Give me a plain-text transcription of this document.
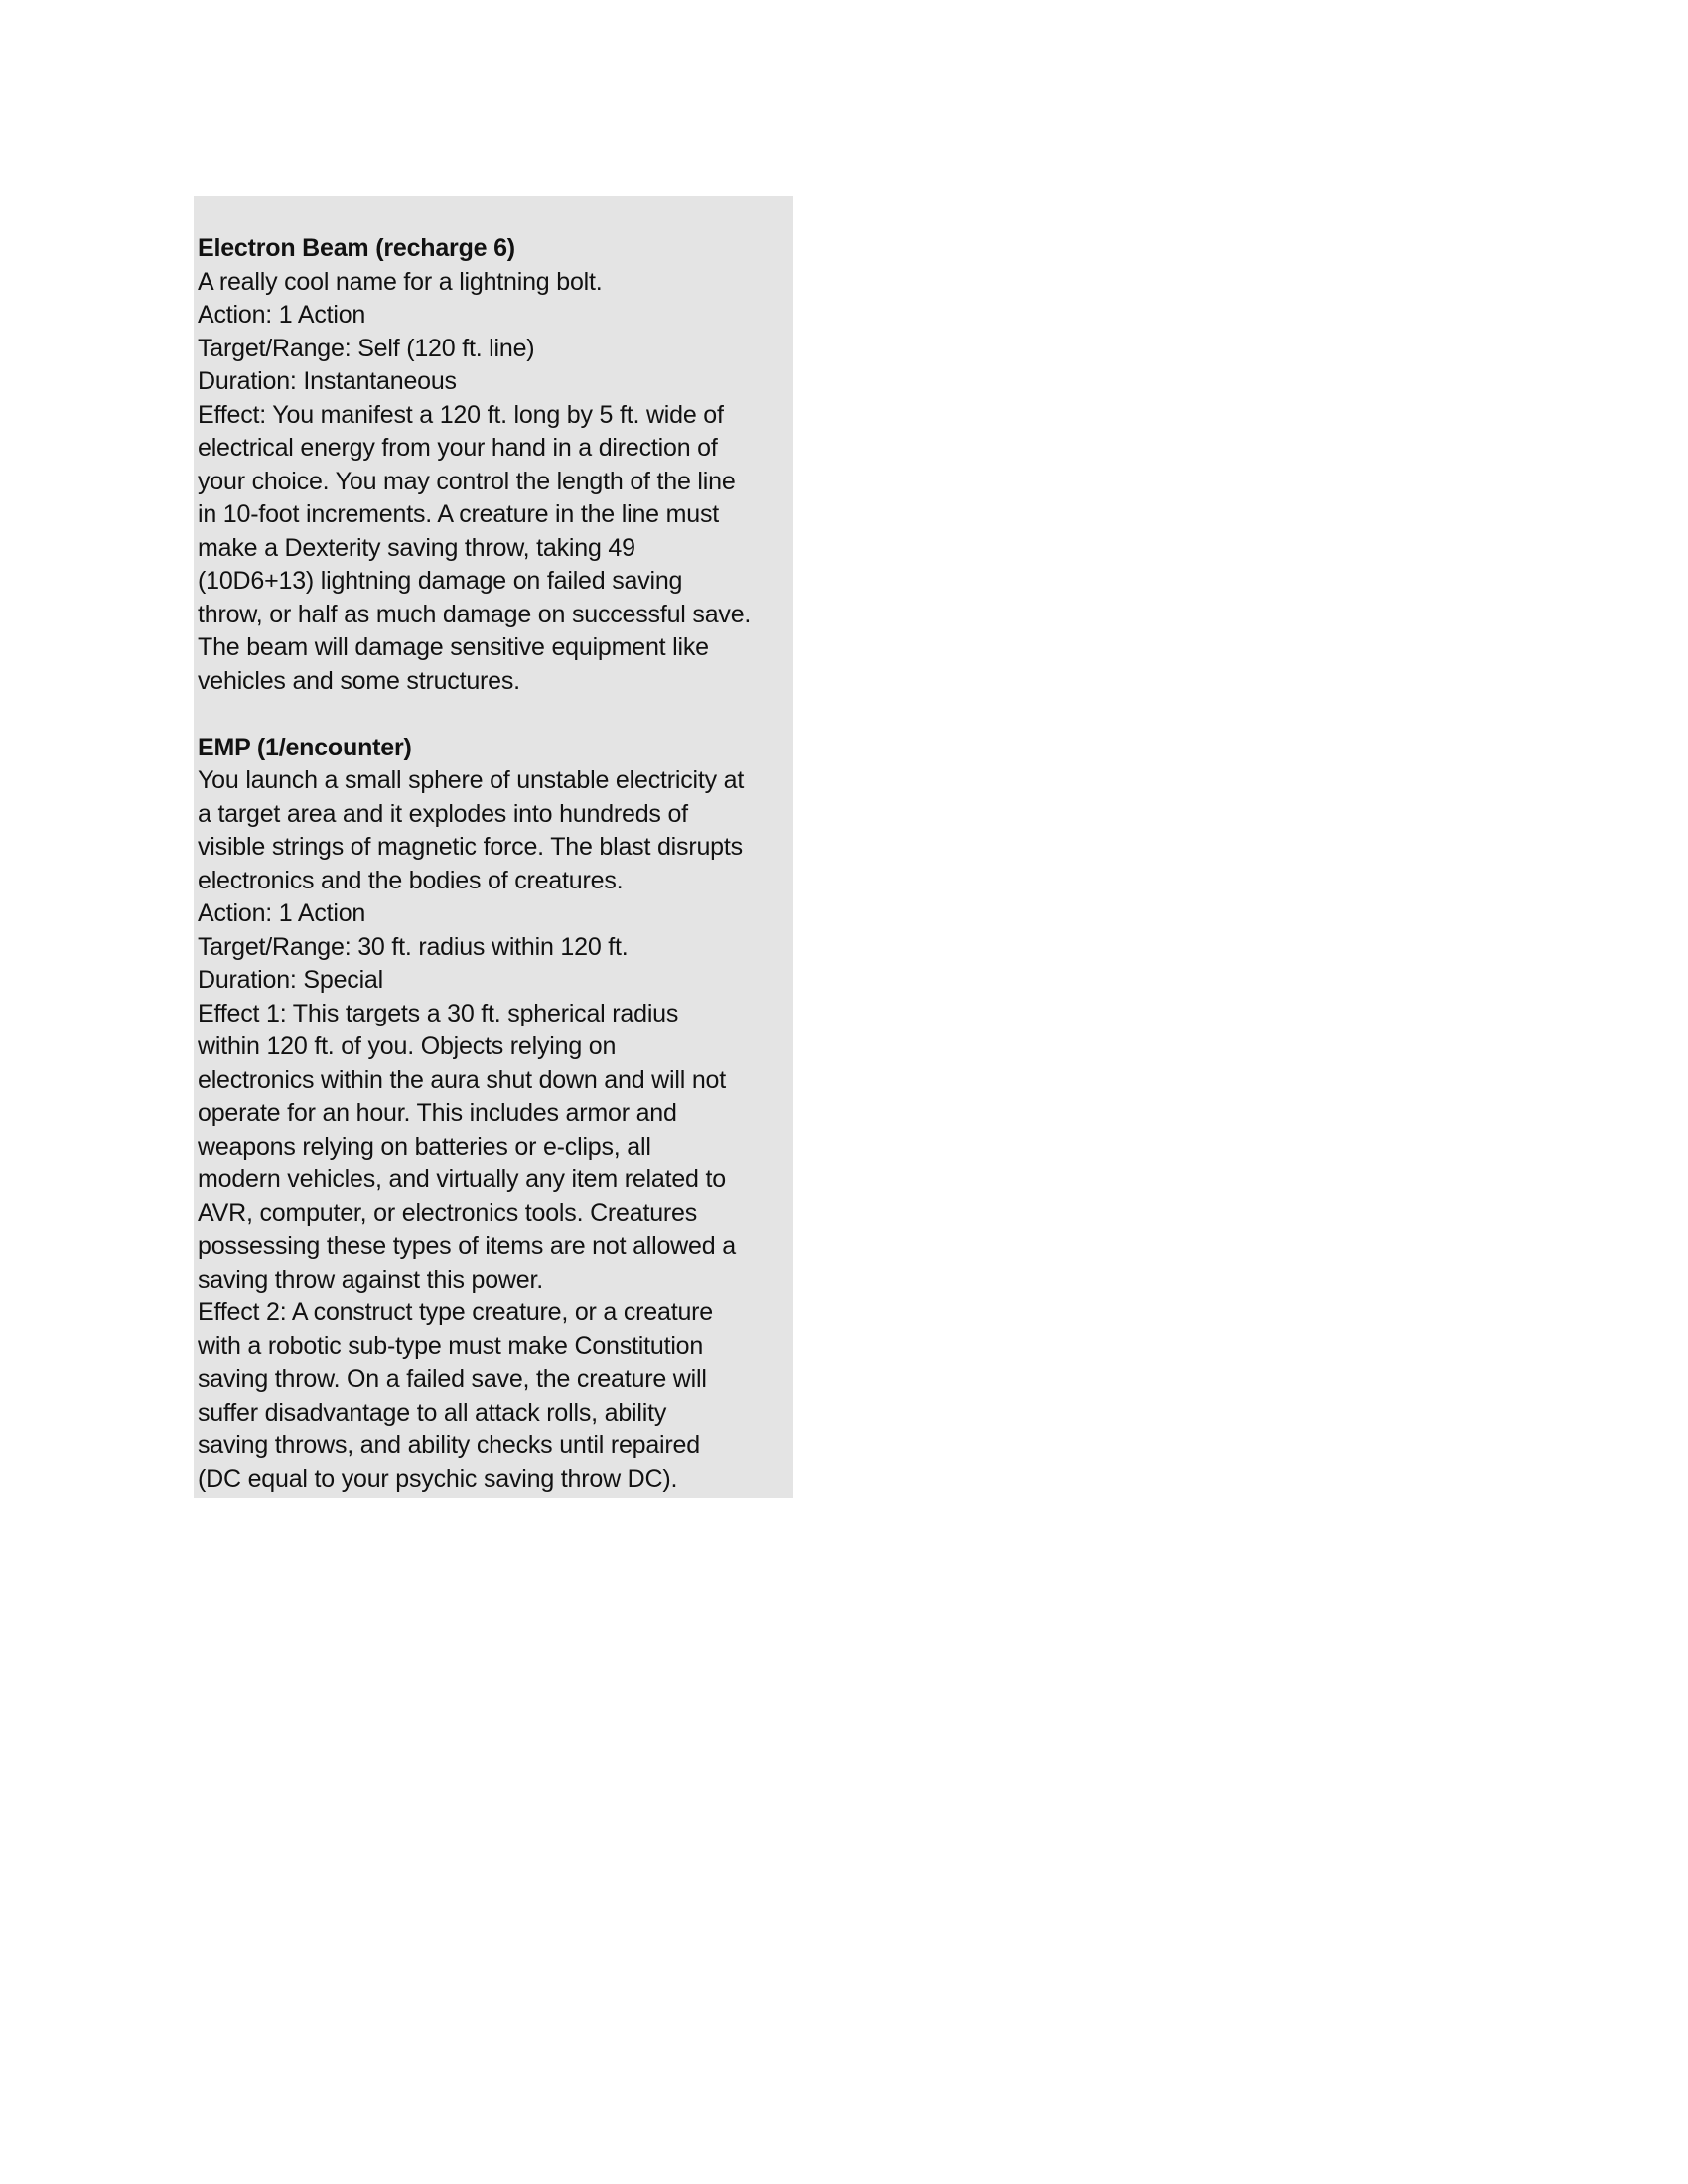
Electron Beam (recharge 6)
A really cool name for a lightning bolt.
Action: 1 Action
Target/Range: Self (120 ft. line)
Duration: Instantaneous
Effect: You manifest a 120 ft. long by 5 ft. wide of
electrical energy from your hand in a direction of
your choice. You may control the length of the line
in 10-foot increments. A creature in the line must
make a Dexterity saving throw, taking 49
(10D6+13) lightning damage on failed saving
throw, or half as much damage on successful save.
The beam will damage sensitive equipment like
vehicles and some structures.
EMP (1/encounter)
You launch a small sphere of unstable electricity at
a target area and it explodes into hundreds of
visible strings of magnetic force. The blast disrupts
electronics and the bodies of creatures.
Action: 1 Action
Target/Range: 30 ft. radius within 120 ft.
Duration: Special
Effect 1: This targets a 30 ft. spherical radius
within 120 ft. of you. Objects relying on
electronics within the aura shut down and will not
operate for an hour. This includes armor and
weapons relying on batteries or e-clips, all
modern vehicles, and virtually any item related to
AVR, computer, or electronics tools. Creatures
possessing these types of items are not allowed a
saving throw against this power.
Effect 2: A construct type creature, or a creature
with a robotic sub-type must make Constitution
saving throw. On a failed save, the creature will
suffer disadvantage to all attack rolls, ability
saving throws, and ability checks until repaired
(DC equal to your psychic saving throw DC).
